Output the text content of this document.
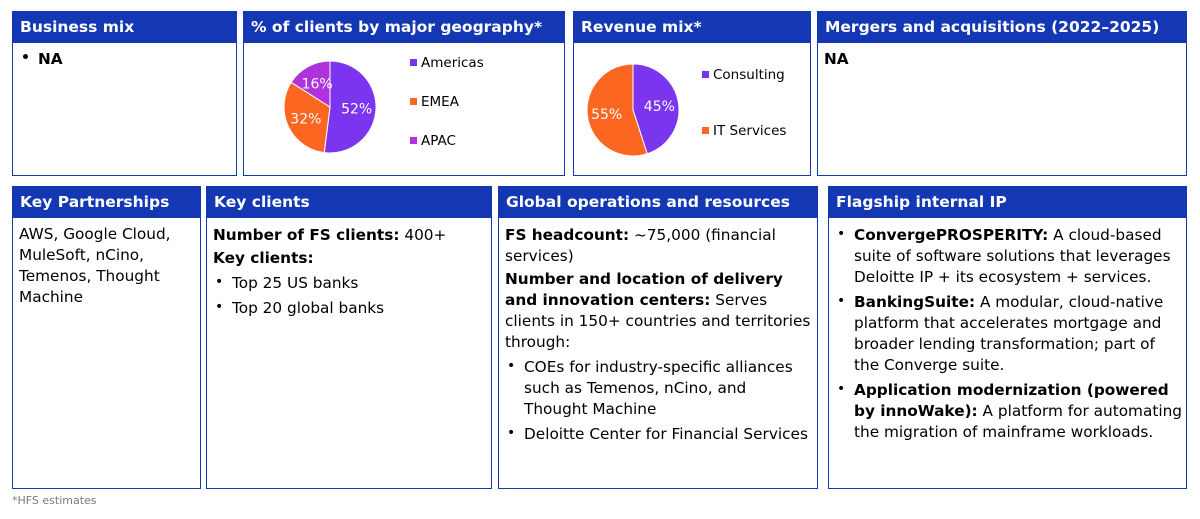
Business mix
• NA
% of clients by major geography*
52%
32%
16%
Americas
EMEA
APAC
Revenue mix*
45%
55%
Consulting
IT Services
Mergers and acquisitions (2022–2025)
NA
Key Partnerships
AWS, Google Cloud, MuleSoft, nCino, Temenos, Thought Machine
Key clients
Number of FS clients: 400+
Key clients:
• Top 25 US banks
• Top 20 global banks
Global operations and resources
FS headcount: ~75,000 (financial services)
Number and location of delivery and innovation centers: Serves clients in 150+ countries and territories through:
• COEs for industry-specific alliances such as Temenos, nCino, and Thought Machine
• Deloitte Center for Financial Services
Flagship internal IP
• ConvergePROSPERITY: A cloud-based suite of software solutions that leverages Deloitte IP + its ecosystem + services.
• BankingSuite: A modular, cloud-native platform that accelerates mortgage and broader lending transformation; part of the Converge suite.
• Application modernization (powered by innoWake): A platform for automating the migration of mainframe workloads.
*HFS estimates
